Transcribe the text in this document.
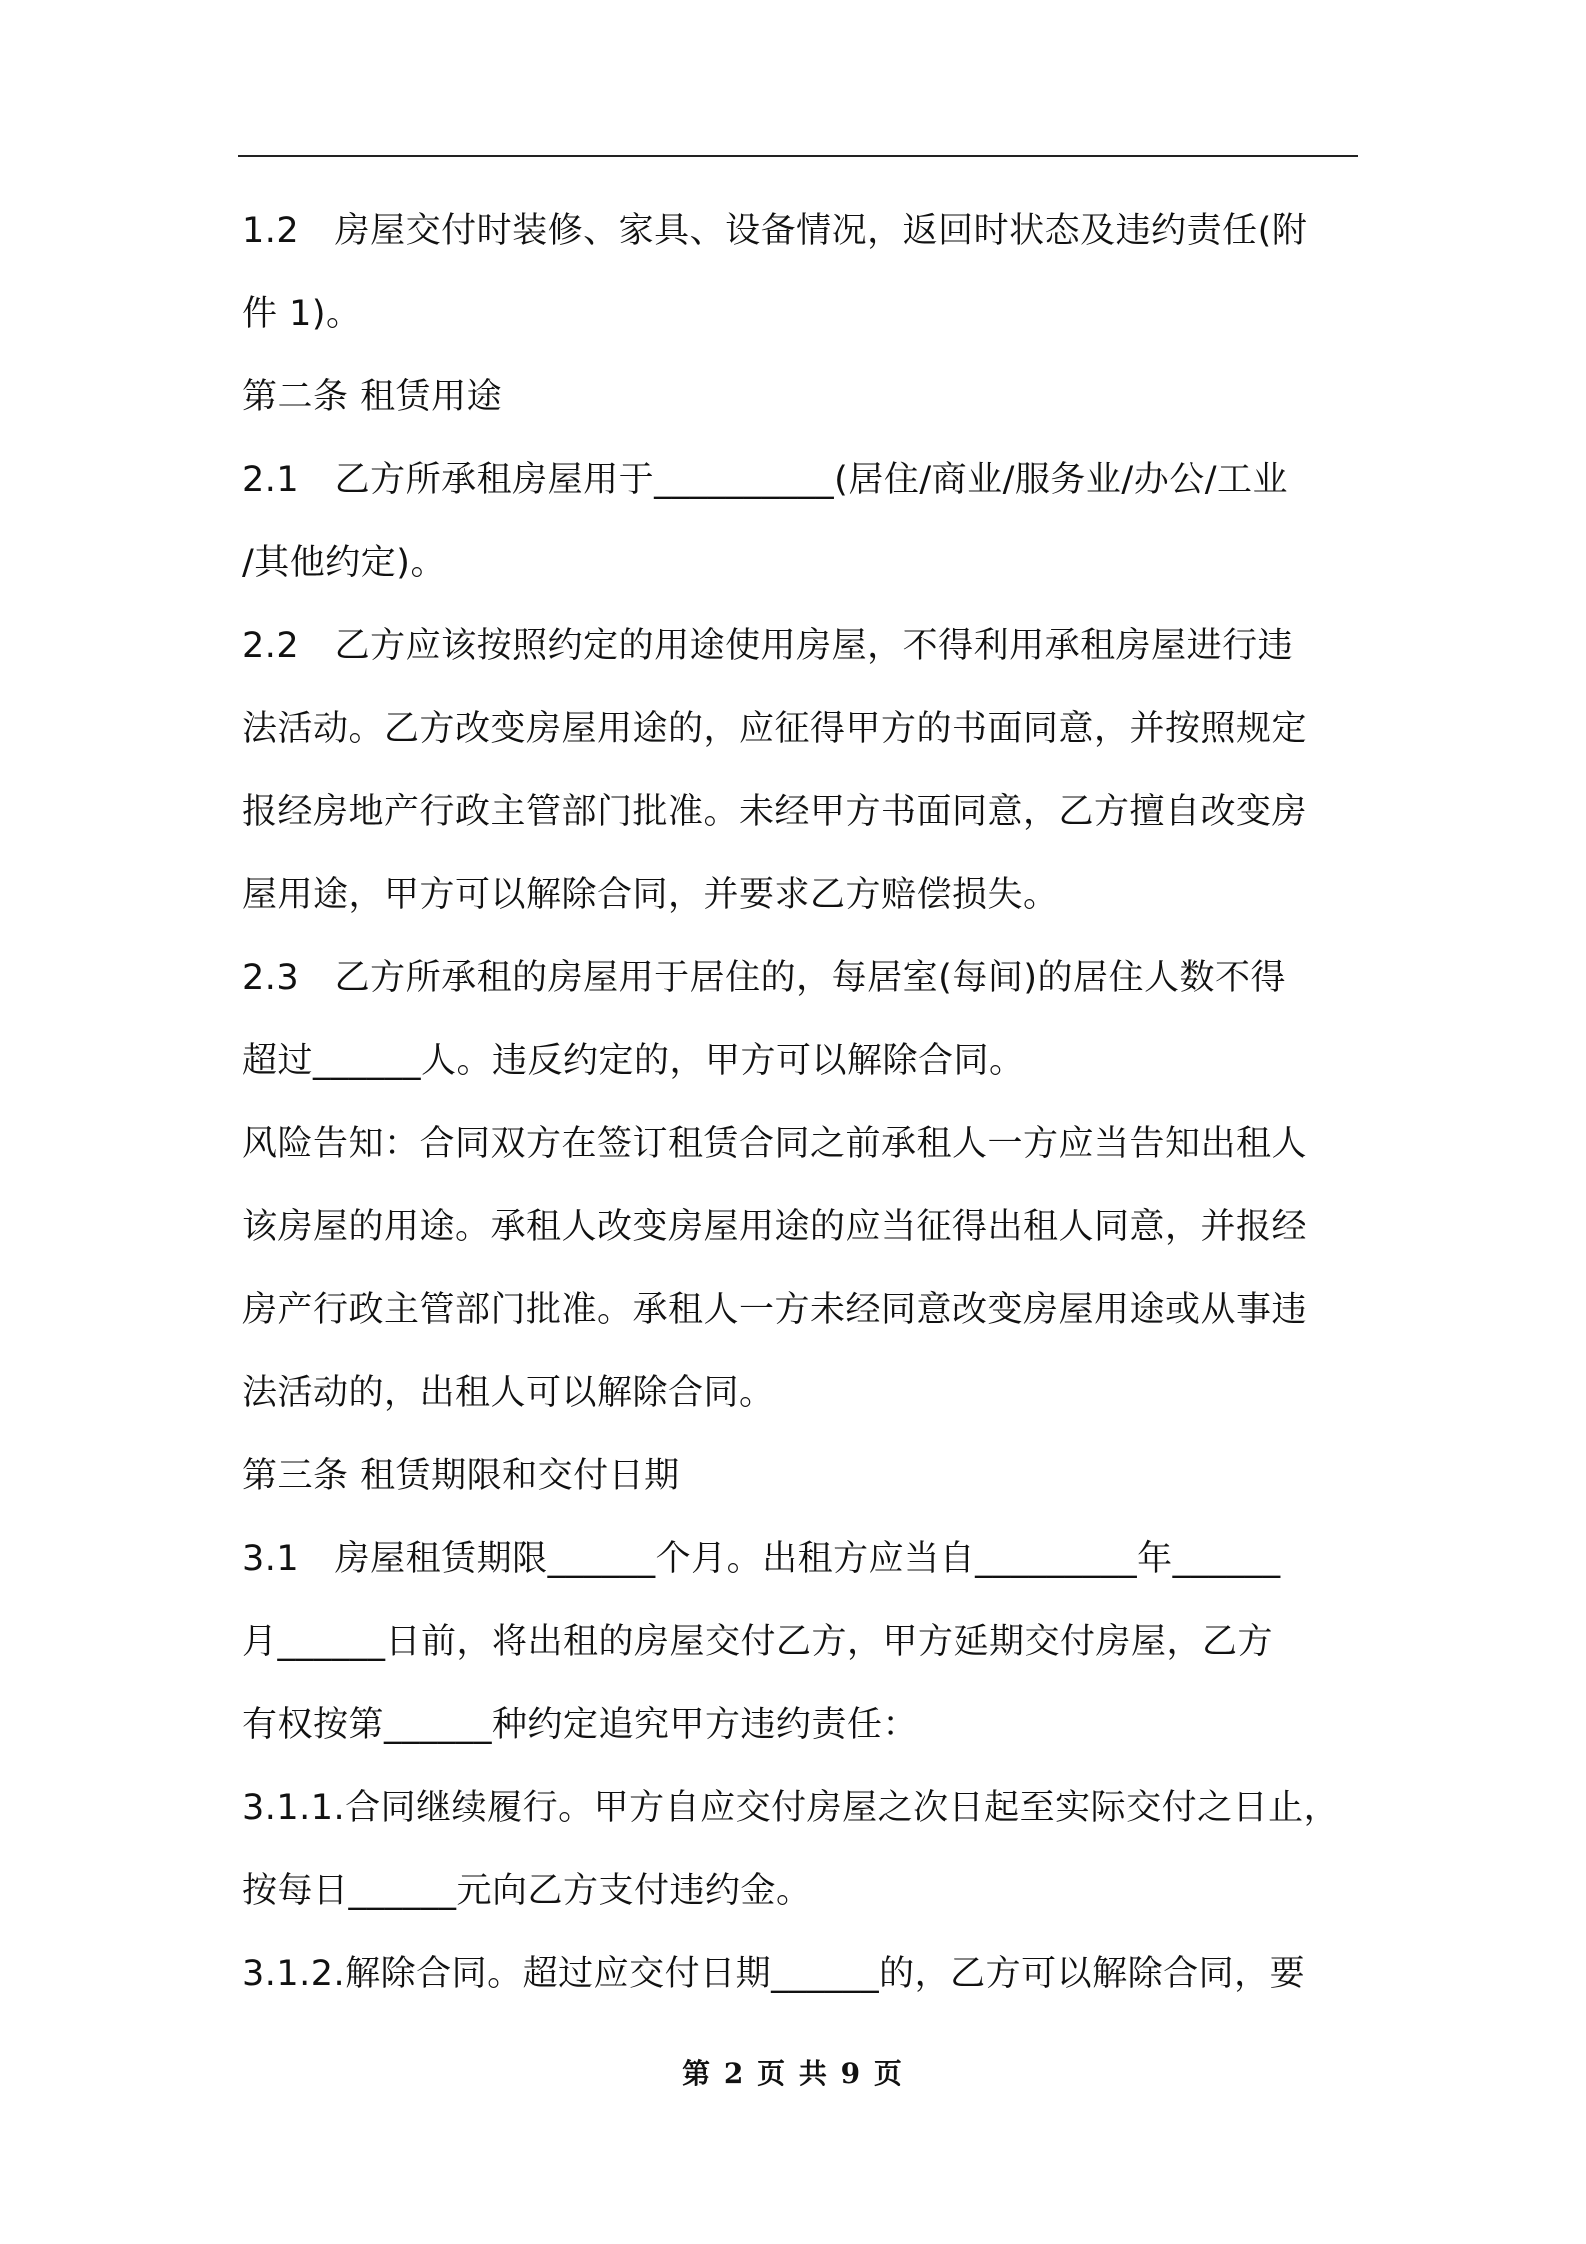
1.2　房屋交付时装修、家具、设备情况，返回时状态及违约责任(附
件 1)。
第二条 租赁用途
2.1　乙方所承租房屋用于__________(居住/商业/服务业/办公/工业
/其他约定)。
2.2　乙方应该按照约定的用途使用房屋，不得利用承租房屋进行违
法活动。乙方改变房屋用途的，应征得甲方的书面同意，并按照规定
报经房地产行政主管部门批准。未经甲方书面同意，乙方擅自改变房
屋用途，甲方可以解除合同，并要求乙方赔偿损失。
2.3　乙方所承租的房屋用于居住的，每居室(每间)的居住人数不得
超过______人。违反约定的，甲方可以解除合同。
风险告知：合同双方在签订租赁合同之前承租人一方应当告知出租人
该房屋的用途。承租人改变房屋用途的应当征得出租人同意，并报经
房产行政主管部门批准。承租人一方未经同意改变房屋用途或从事违
法活动的，出租人可以解除合同。
第三条 租赁期限和交付日期
3.1　房屋租赁期限______个月。出租方应当自_________年______
月______日前，将出租的房屋交付乙方，甲方延期交付房屋，乙方
有权按第______种约定追究甲方违约责任：
3.1.1.合同继续履行。甲方自应交付房屋之次日起至实际交付之日止，
按每日______元向乙方支付违约金。
3.1.2.解除合同。超过应交付日期______的，乙方可以解除合同，要
第 2 页 共 9 页
